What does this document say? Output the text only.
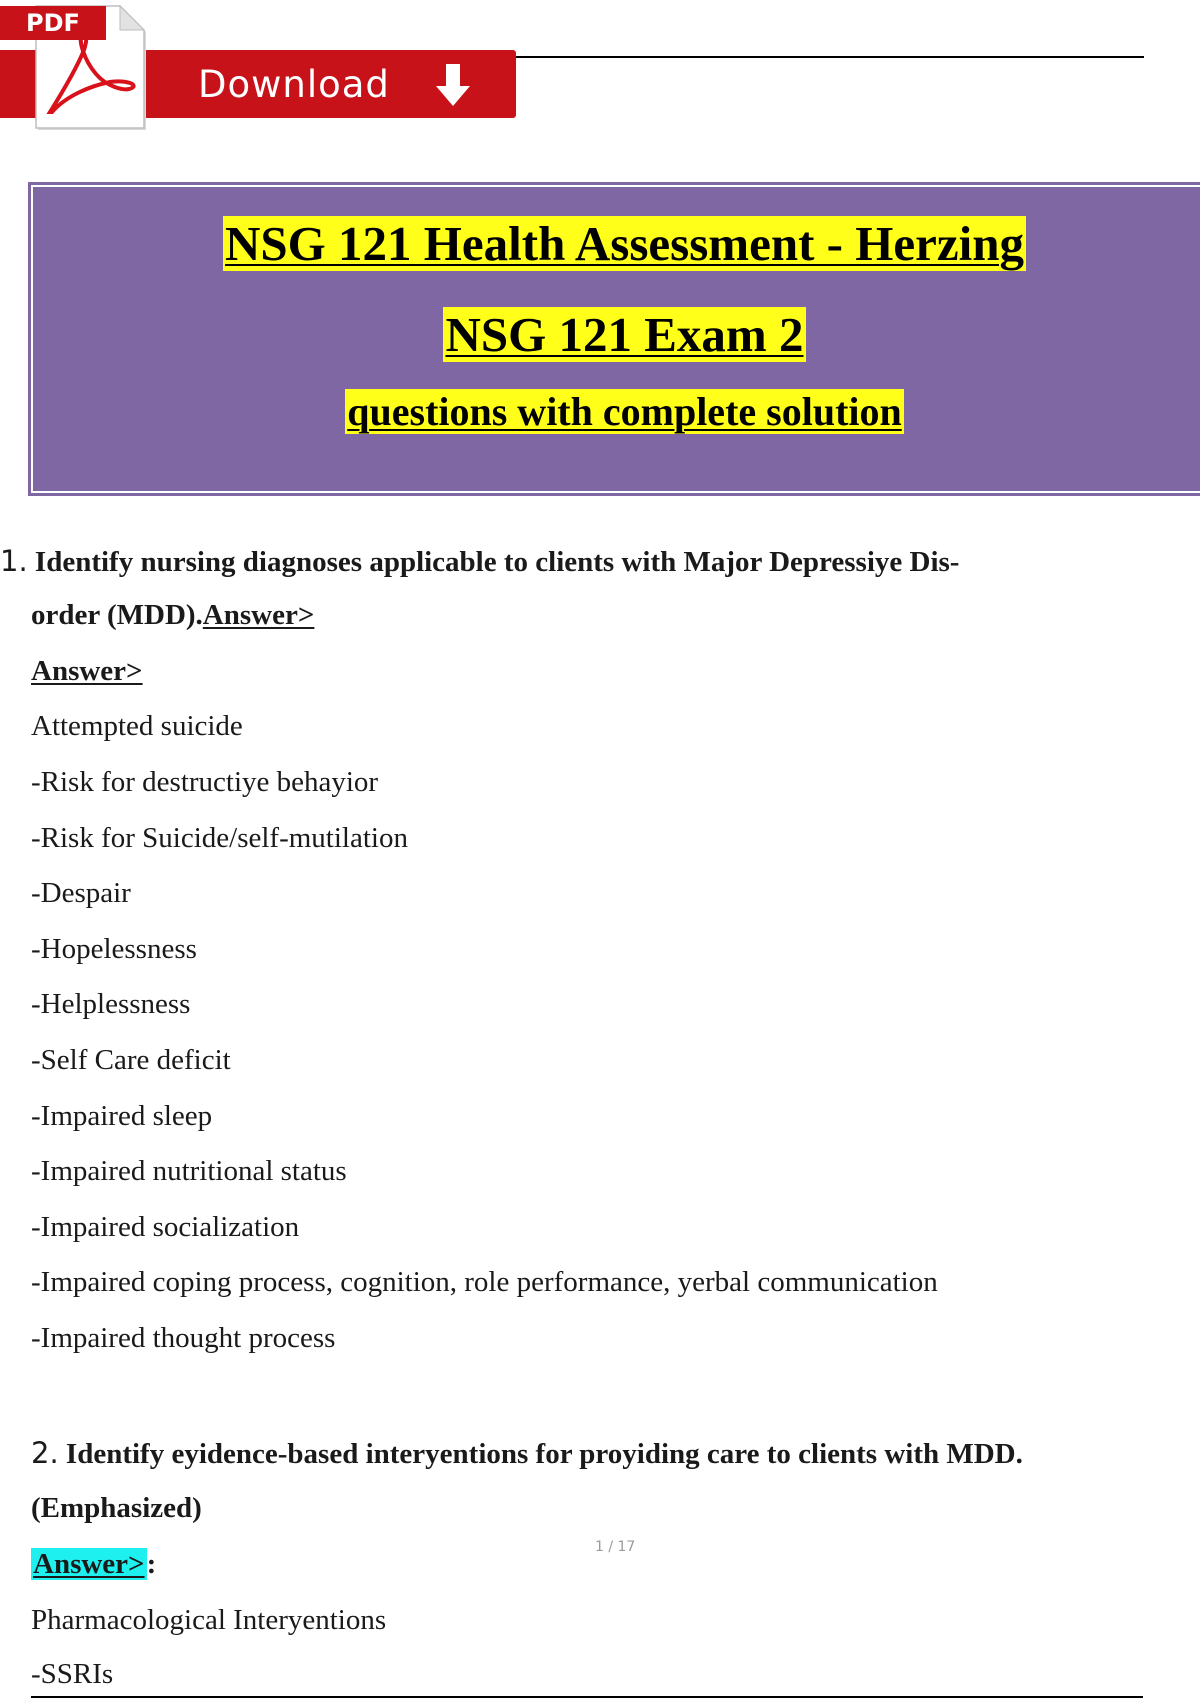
Download
PDF
NSG 121 Health Assessment - Herzing
NSG 121 Exam 2
questions with complete solution
1. Identify nursing diagnoses applicable to clients with Major Depressiye Dis-
order (MDD).Answer>
Answer>
Attempted suicide
-Risk for destructiye behayior
-Risk for Suicide/self-mutilation
-Despair
-Hopelessness
-Helplessness
-Self Care deficit
-Impaired sleep
-Impaired nutritional status
-Impaired socialization
-Impaired coping process, cognition, role performance, yerbal communication
-Impaired thought process
2. Identify eyidence-based interyentions for proyiding care to clients with MDD.
(Emphasized)
Answer>:
1 / 17
Pharmacological Interyentions
-SSRIs
